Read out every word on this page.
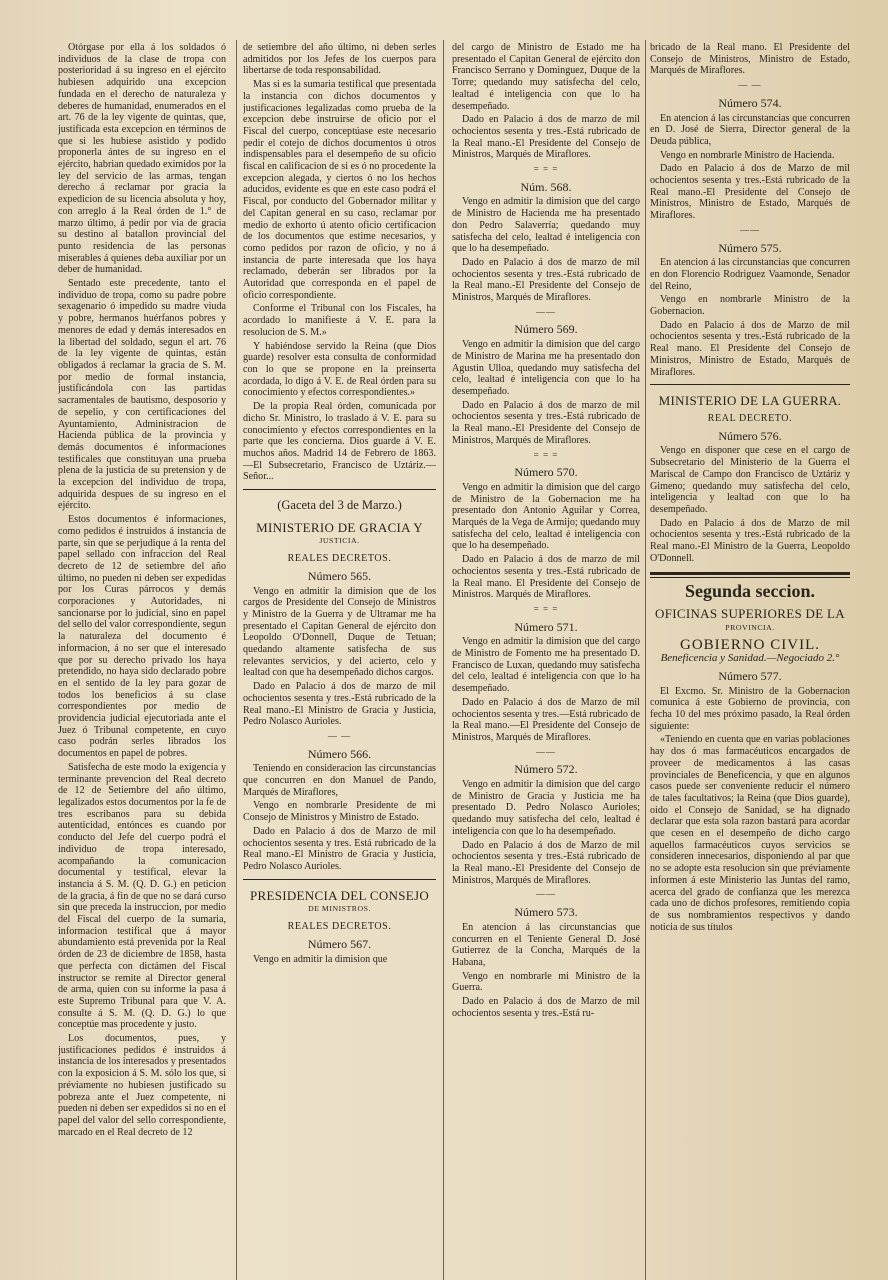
Otórgase por ella á los soldados ó individuos de la clase de tropa con posterioridad á su ingreso en el ejército hubiesen adquirido una excepcion fundada en el derecho de naturaleza y deberes de humanidad, enumerados en el art. 76 de la ley vigente de quintas, que, justificada esta excepcion en términos de que si les hubiese asistido y podido proponerla ántes de su ingreso en el ejército, habrian quedado eximidos por la ley del servicio de las armas, tengan derecho á reclamar por gracia la expedicion de su licencia absoluta y hoy, con arreglo á la Real órden de 1.° de marzo último, á pedir por via de gracia su destino al batallon provincial del punto residencia de las personas miserables á quienes deba auxiliar por un deber de humanidad.

Sentado este precedente, tanto el individuo de tropa, como su padre pobre sexagenario ó impedido su madre viuda y pobre, hermanos huérfanos pobres y menores de edad y demás interesados en la libertad del soldado, segun el art. 76 de la ley vigente de quintas, están obligados á reclamar la gracia de S. M. por medio de formal instancia, justificándola con las partidas sacramentales de bautismo, desposorio y de sepelio, y con certificaciones del Ayuntamiento, Administracion de Hacienda pública de la provincia y demás documentos é informaciones testificales que constituyan una prueba plena de la justicia de su pretension y de la excepcion del individuo de tropa, adquirida despues de su ingreso en el ejército.

Estos documentos é informaciones, como pedidos é instruidos á instancia de parte, sin que se perjudique á la renta del papel sellado con infraccion del Real decreto de 12 de setiembre del año último, no pueden ni deben ser expedidas por los Curas párrocos y demás corporaciones y Autoridades, ni sancionarse por lo judicial, sino en papel del sello del valor correspondiente, segun la naturaleza del documento é informacion, á no ser que el interesado que por su derecho privado los haya pretendido, no haya sido declarado pobre en el sentido de la ley para gozar de todos los beneficios á su clase correspondientes por medio de providencia judicial ejecutoriada ante el Juez ó Tribunal competente, en cuyo caso podrán serles librados los documentos en papel de pobres.

Satisfecha de este modo la exigencia y terminante prevencion del Real decreto de 12 de Setiembre del año último, legalizados estos documentos por la fe de tres escribanos para su debida autenticidad, entónces es cuando por conducto del Jefe del cuerpo podrá el individuo de tropa interesado, acompañando la comunicacion documental y testifical, elevar la instancia á S. M. (Q. D. G.) en peticion de la gracia, á fin de que no se dará curso sin que preceda la instruccion, por medio del Fiscal del cuerpo de la sumaria, informacion testifical que á mayor abundamiento está prevenida por la Real órden de 23 de diciembre de 1858, hasta que perfecta con dictámen del Fiscal instructor se remite al Director general de arma, quien con su informe la pasa á este Supremo Tribunal para que V. A. consulte á S. M. (Q. D. G.) lo que conceptúe mas procedente y justo.

Los documentos, pues, y justificaciones pedidos é instruidos á instancia de los interesados y presentados con la exposicion á S. M. sólo los que, si préviamente no hubiesen justificado su pobreza ante el Juez competente, ni pueden ni deben ser expedidos si no en el papel del valor del sello correspondiente, marcado en el Real decreto de 12

de setiembre del año último, ni deben serles admitidos por los Jefes de los cuerpos para libertarse de toda responsabilidad.

Mas si es la sumaria testifical que presentada la instancia con dichos documentos y justificaciones legalizadas como prueba de la excepcion debe instruirse de oficio por el Fiscal del cuerpo, conceptúase este necesario pedir el cotejo de dichos documentos ú otros indispensables para el desempeño de su oficio fiscal en calificacion de si es ó no procedente la excepcion alegada, y ciertos ó no los hechos aducidos, evidente es que en este caso podrá el Fiscal, por conducto del Gobernador militar y del Capitan general en su caso, reclamar por medio de exhorto ú atento oficio certificacion de los documentos que estime necesarios, y como pedidos por razon de oficio, y no á instancia de parte interesada que los haya reclamado, deberán ser librados por la Autoridad que corresponda en el papel de oficio correspondiente.

Conforme el Tribunal con los Fiscales, ha acordado lo manifieste á V. E. para la resolucion de S. M.»

Y habiéndose servido la Reina (que Dios guarde) resolver esta consulta de conformidad con lo que se propone en la preinserta acordada, lo digo á V. E. de Real órden para su conocimiento y efectos correspondientes.»

De la propia Real órden, comunicada por dicho Sr. Ministro, lo traslado á V. E. para su conocimiento y efectos correspondientes en la parte que les concierna. Dios guarde á V. E. muchos años. Madrid 14 de Febrero de 1863.—El Subsecretario, Francisco de Uztáriz.—Señor...

(Gaceta del 3 de Marzo.)
MINISTERIO DE GRACIA Y
JUSTICIA.
REALES DECRETOS.
Número 565.

Vengo en admitir la dimision que de los cargos de Presidente del Consejo de Ministros y Ministro de la Guerra y de Ultramar me ha presentado el Capitan General de ejército don Leopoldo O'Donnell, Duque de Tetuan; quedando altamente satisfecha de sus relevantes servicios, y del acierto, celo y lealtad con que ha desempeñado dichos cargos.

Dado en Palacio á dos de marzo de mil ochocientos sesenta y tres.-Está rubricado de la Real mano.-El Ministro de Gracia y Justicia, Pedro Nolasco Aurioles.

— —
Número 566.

Teniendo en consideracion las circunstancias que concurren en don Manuel de Pando, Marqués de Miraflores,

Vengo en nombrarle Presidente de mi Consejo de Ministros y Ministro de Estado.

Dado en Palacio á dos de Marzo de mil ochocientos sesenta y tres. Está rubricado de la Real mano.-El Ministro de Gracia y Justicia, Pedro Nolasco Aurioles.

PRESIDENCIA DEL CONSEJO
DE MINISTROS.
REALES DECRETOS.
Número 567.

Vengo en admitir la dimision que

del cargo de Ministro de Estado me ha presentado el Capitan General de ejército don Francisco Serrano y Dominguez, Duque de la Torre; quedando muy satisfecha del celo, lealtad é inteligencia con que lo ha desempeñado.

Dado en Palacio á dos de marzo de mil ochocientos sesenta y tres.-Está rubricado de la Real mano.-El Presidente del Consejo de Ministros, Marqués de Miraflores.

= = =
Núm. 568.

Vengo en admitir la dimision que del cargo de Ministro de Hacienda me ha presentado don Pedro Salaverría; quedando muy satisfecha del celo, lealtad é inteligencia con que lo ha desempeñado.

Dado en Palacio á dos de marzo de mil ochocientos sesenta y tres.-Está rubricado de la Real mano.-El Presidente del Consejo de Ministros, Marqués de Miraflores.

——
Número 569.

Vengo en admitir la dimision que del cargo de Ministro de Marina me ha presentado don Agustin Ulloa, quedando muy satisfecha del celo, lealtad é inteligencia con que lo ha desempeñado.

Dado en Palacio á dos de marzo de mil ochocientos sesenta y tres.-Está rubricado de la Real mano.-El Presidente del Consejo de Ministros, Marqués de Miraflores.

= = =
Número 570.

Vengo en admitir la dimision que del cargo de Ministro de la Gobernacion me ha presentado don Antonio Aguilar y Correa, Marqués de la Vega de Armijo; quedando muy satisfecha del celo, lealtad é inteligencia con que lo ha desempeñado.

Dado en Palacio á dos de marzo de mil ochocientos sesenta y tres.-Está rubricado de la Real mano. El Presidente del Consejo de Ministros. Marqués de Miraflores.

= = =
Número 571.

Vengo en admitir la dimision que del cargo de Ministro de Fomento me ha presentado D. Francisco de Luxan, quedando muy satisfecha del celo, lealtad é inteligencia con que lo ha desempeñado.

Dado en Palacio á dos de Marzo de mil ochocientos sesenta y tres.—Está rubricado de la Real mano.—El Presidente del Consejo de Ministros, Marqués de Miraflores.

——
Número 572.

Vengo en admitir la dimision que del cargo de Ministro de Gracia y Justicia me ha presentado D. Pedro Nolasco Aurioles; quedando muy satisfecha del celo, lealtad é inteligencia con que lo ha desempeñado.

Dado en Palacio á dos de Marzo de mil ochocientos sesenta y tres.-Está rubricado de la Real mano.-El Presidente del Consejo de Ministros, Marqués de Miraflores.

——
Número 573.

En atencion á las circunstancias que concurren en el Teniente General D. José Gutierrez de la Concha, Marqués de la Habana,

Vengo en nombrarle mi Ministro de la Guerra.

Dado en Palacio á dos de Marzo de mil ochocientos sesenta y tres.-Está ru-

bricado de la Real mano. El Presidente del Consejo de Ministros, Ministro de Estado, Marqués de Miraflores.

— —
Número 574.

En atencion á las circunstancias que concurren en D. José de Sierra, Director general de la Deuda pública,

Vengo en nombrarle Ministro de Hacienda.

Dado en Palacio á dos de Marzo de mil ochocientos sesenta y tres.-Está rubricado de la Real mano.-El Presidente del Consejo de Ministros, Ministro de Estado, Marqués de Miraflores.

——
Número 575.

En atencion á las circunstancias que concurren en don Florencio Rodriguez Vaamonde, Senador del Reino,

Vengo en nombrarle Ministro de la Gobernacion.

Dado en Palacio á dos de Marzo de mil ochocientos sesenta y tres.-Está rubricado de la Real mano. El Presidente del Consejo de Ministros, Ministro de Estado, Marqués de Miraflores.

MINISTERIO DE LA GUERRA.
REAL DECRETO.
Número 576.

Vengo en disponer que cese en el cargo de Subsecretario del Ministerio de la Guerra el Mariscal de Campo don Francisco de Uztáriz y Gimeno; quedando muy satisfecha del celo, inteligencia y lealtad con que lo ha desempeñado.

Dado en Palacio á dos de Marzo de mil ochocientos sesenta y tres.-Está rubricado de la Real mano.-El Ministro de la Guerra, Leopoldo O'Donnell.

Segunda seccion.
OFICINAS SUPERIORES DE LA
PROVINCIA.
GOBIERNO CIVIL.
Beneficencia y Sanidad.—Negociado 2.°
Número 577.

El Excmo. Sr. Ministro de la Gobernacion comunica á este Gobierno de provincia, con fecha 10 del mes próximo pasado, la Real órden siguiente:

«Teniendo en cuenta que en varias poblaciones hay dos ó mas farmacéuticos encargados de proveer de medicamentos á las casas provinciales de Beneficencia, y que en algunos casos puede ser conveniente reducir el número de tales facultativos; la Reina (que Dios guarde), oido el Consejo de Sanidad, se ha dignado declarar que esta sola razon bastará para acordar que cesen en el desempeño de dicho cargo aquellos farmacéuticos cuyos servicios se consideren innecesarios, disponiendo al par que no se adopte esta resolucion sin que préviamente informen á este Ministerio las Juntas del ramo, acerca del grado de confianza que les merezca cada uno de dichos profesores, remitiendo copia de sus nombramientos respectivos y dando noticia de sus títulos
